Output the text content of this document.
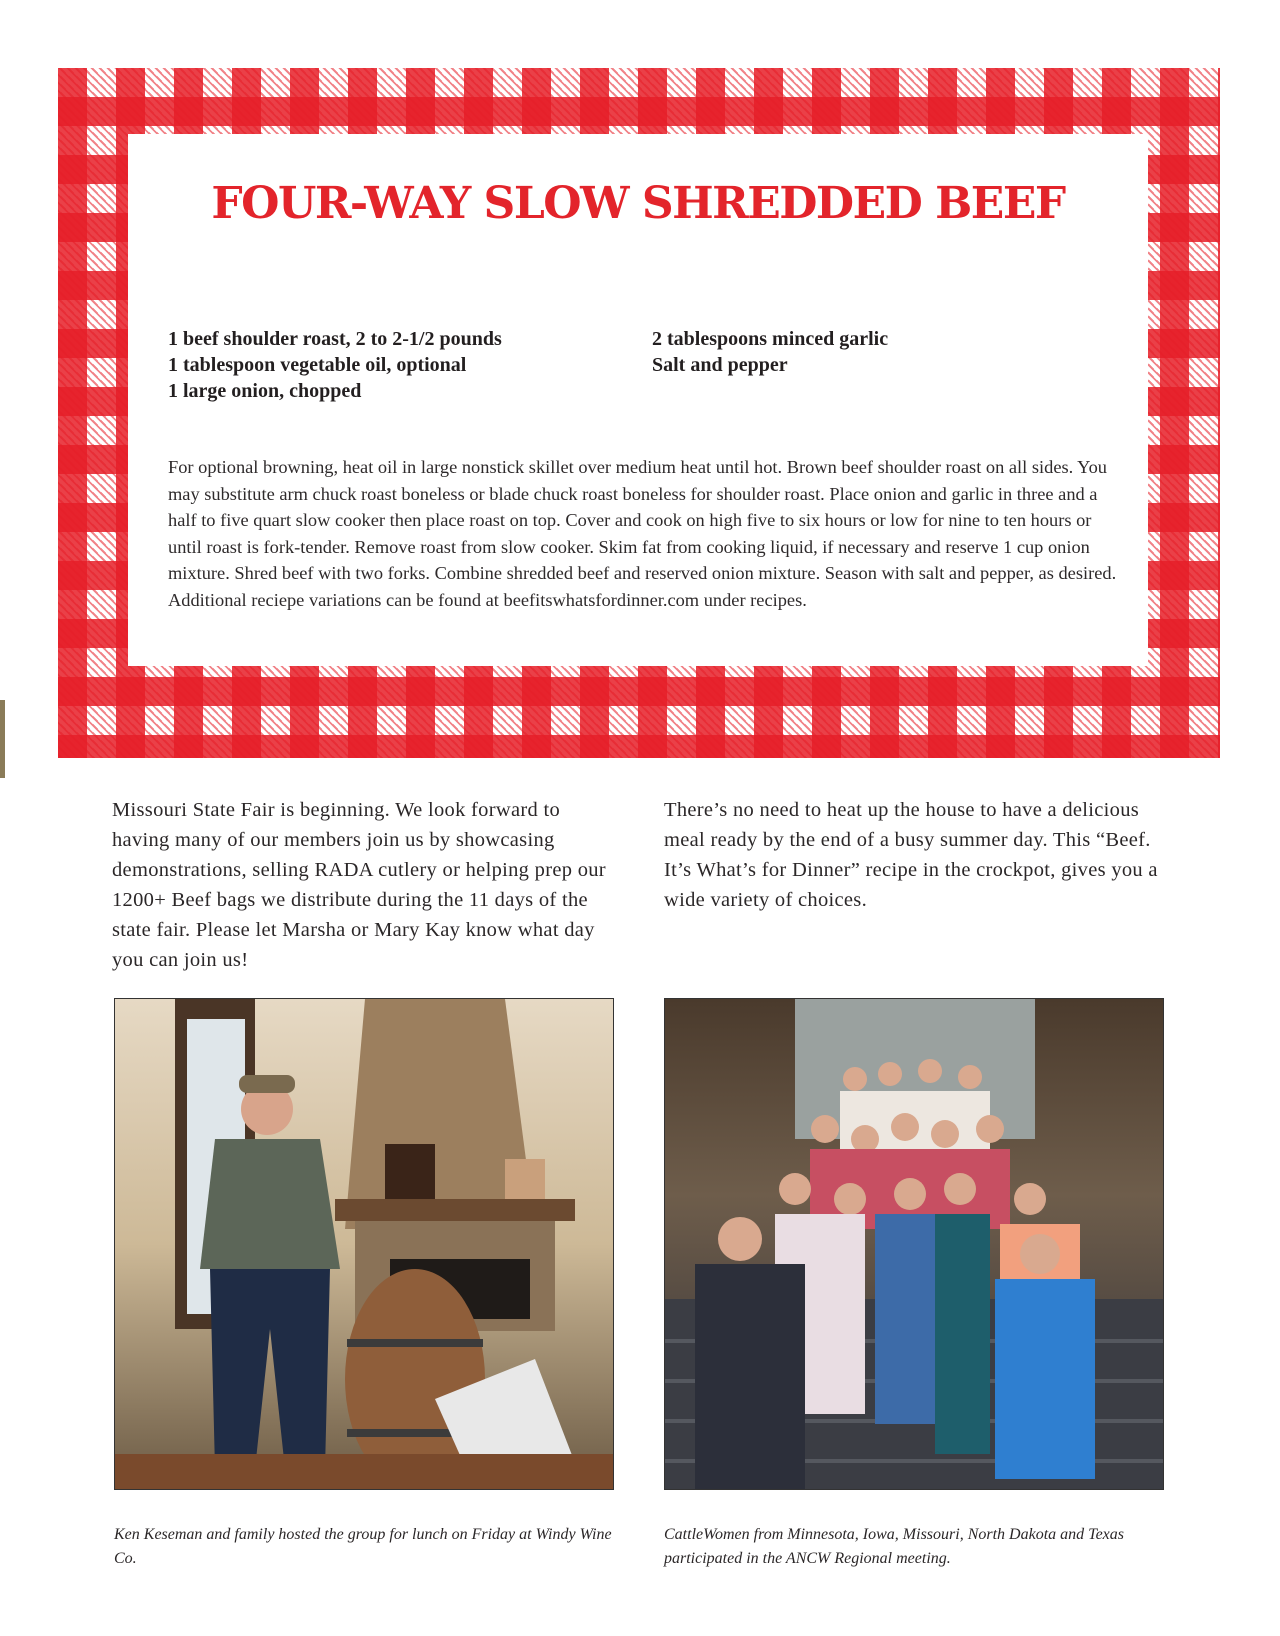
FOUR-WAY SLOW SHREDDED BEEF
1 beef shoulder roast, 2 to 2-1/2 pounds
1 tablespoon vegetable oil, optional
1 large onion, chopped
2 tablespoons minced garlic
Salt and pepper

For optional browning, heat oil in large nonstick skillet over medium heat until hot. Brown beef shoulder roast on all sides. You may substitute arm chuck roast boneless or blade chuck roast boneless for shoulder roast. Place onion and garlic in three and a half to five quart slow cooker then place roast on top. Cover and cook on high five to six hours or low for nine to ten hours or until roast is fork-tender. Remove roast from slow cooker. Skim fat from cooking liquid, if necessary and reserve 1 cup onion mixture. Shred beef with two forks. Combine shredded beef and reserved onion mixture. Season with salt and pepper, as desired. Additional reciepe variations can be found at beefitswhatsfordinner.com under recipes.

Missouri State Fair is beginning. We look forward to having many of our members join us by showcasing demonstrations, selling RADA cutlery or helping prep our 1200+ Beef bags we distribute during the 11 days of the state fair. Please let Marsha or Mary Kay know what day you can join us!

There’s no need to heat up the house to have a delicious meal ready by the end of a busy summer day. This “Beef. It’s What’s for Dinner” recipe in the crockpot, gives you a wide variety of choices.

Ken Keseman and family hosted the group for lunch on Friday at Windy Wine Co.

CattleWomen from Minnesota, Iowa, Missouri, North Dakota and Texas participated in the ANCW Regional meeting.
